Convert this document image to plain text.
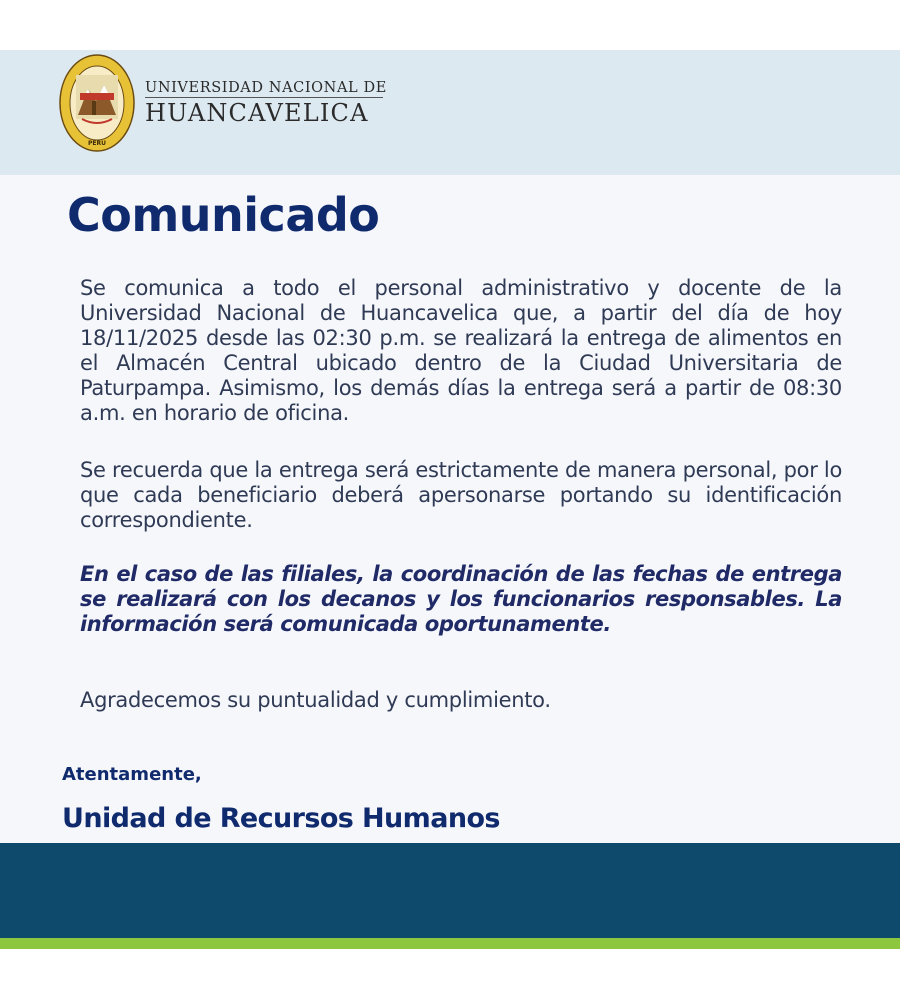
PERU
UNIVERSIDAD NACIONAL DE
HUANCAVELICA
Comunicado

Se comunica a todo el personal administrativo y docente de la Universidad Nacional de Huancavelica que, a partir del día de hoy 18/11/2025 desde las 02:30 p.m. se realizará la entrega de alimentos en el Almacén Central ubicado dentro de la Ciudad Universitaria de Paturpampa. Asimismo, los demás días la entrega será a partir de 08:30 a.m. en horario de oficina.

Se recuerda que la entrega será estrictamente de manera personal, por lo que cada beneficiario deberá apersonarse portando su identificación correspondiente.

En el caso de las filiales, la coordinación de las fechas de entrega se realizará con los decanos y los funcionarios responsables. La información será comunicada oportunamente.

Agradecemos su puntualidad y cumplimiento.

Atentamente,
Unidad de Recursos Humanos
